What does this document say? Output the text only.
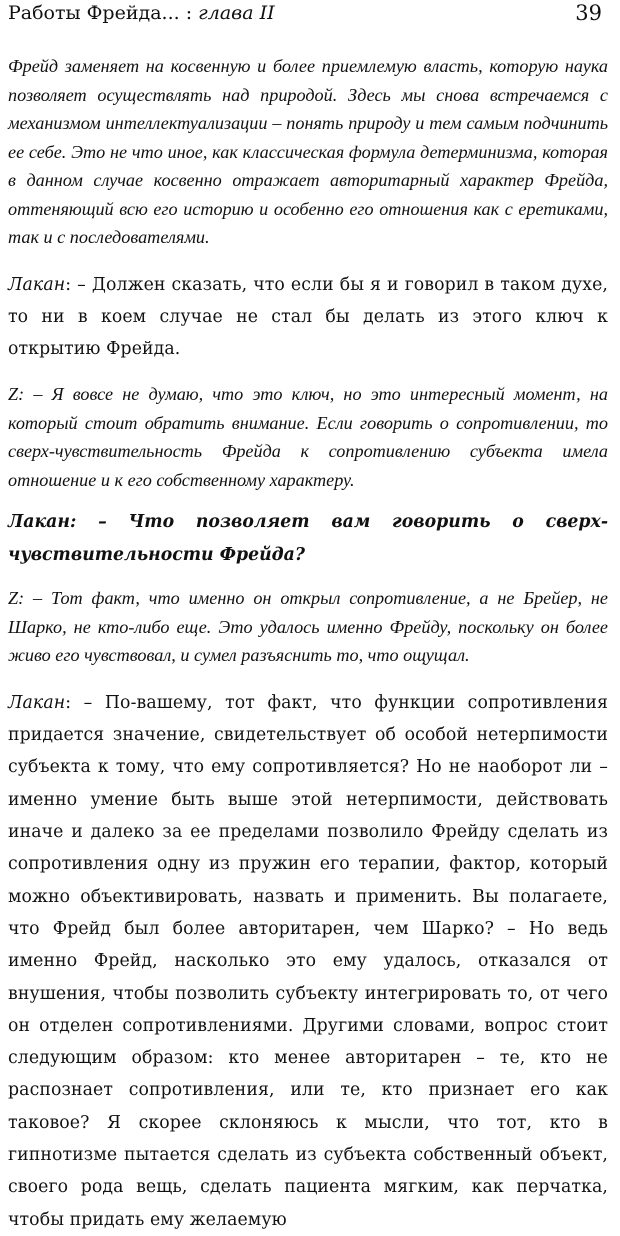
Работы Фрейда... : глава II	39

Фрейд заменяет на косвенную и более приемлемую власть, которую наука позволяет осуществлять над природой. Здесь мы снова встречаемся с механизмом интеллектуализации – понять природу и тем самым подчинить ее себе. Это не что иное, как классическая формула детерминизма, которая в данном случае косвенно отражает авторитарный характер Фрейда, оттеняющий всю его историю и особенно его отношения как с еретиками, так и с последователями.

Лакан: – Должен сказать, что если бы я и говорил в таком духе, то ни в коем случае не стал бы делать из этого ключ к открытию Фрейда.

Z: – Я вовсе не думаю, что это ключ, но это интересный момент, на который стоит обратить внимание. Если говорить о сопротивлении, то сверх-чувствительность Фрейда к сопротивлению субъекта имела отношение и к его собственному характеру.

Лакан: – Что позволяет вам говорить о сверх-чувствительности Фрейда?

Z: – Тот факт, что именно он открыл сопротивление, а не Брейер, не Шарко, не кто-либо еще. Это удалось именно Фрейду, поскольку он более живо его чувствовал, и сумел разъяснить то, что ощущал.

Лакан: – По-вашему, тот факт, что функции сопротивления придается значение, свидетельствует об особой нетерпимости субъекта к тому, что ему сопротивляется? Но не наоборот ли – именно умение быть выше этой нетерпимости, действовать иначе и далеко за ее пределами позволило Фрейду сделать из сопротивления одну из пружин его терапии, фактор, который можно объективировать, назвать и применить. Вы полагаете, что Фрейд был более авторитарен, чем Шарко? – Но ведь именно Фрейд, насколько это ему удалось, отказался от внушения, чтобы позволить субъекту интегрировать то, от чего он отделен сопротивлениями. Другими словами, вопрос стоит следующим образом: кто менее авторитарен – те, кто не распознает сопротивления, или те, кто признает его как таковое? Я скорее склоняюсь к мысли, что тот, кто в гипнотизме пытается сделать из субъекта собственный объект, своего рода вещь, сделать пациента мягким, как перчатка, чтобы придать ему желаемую
